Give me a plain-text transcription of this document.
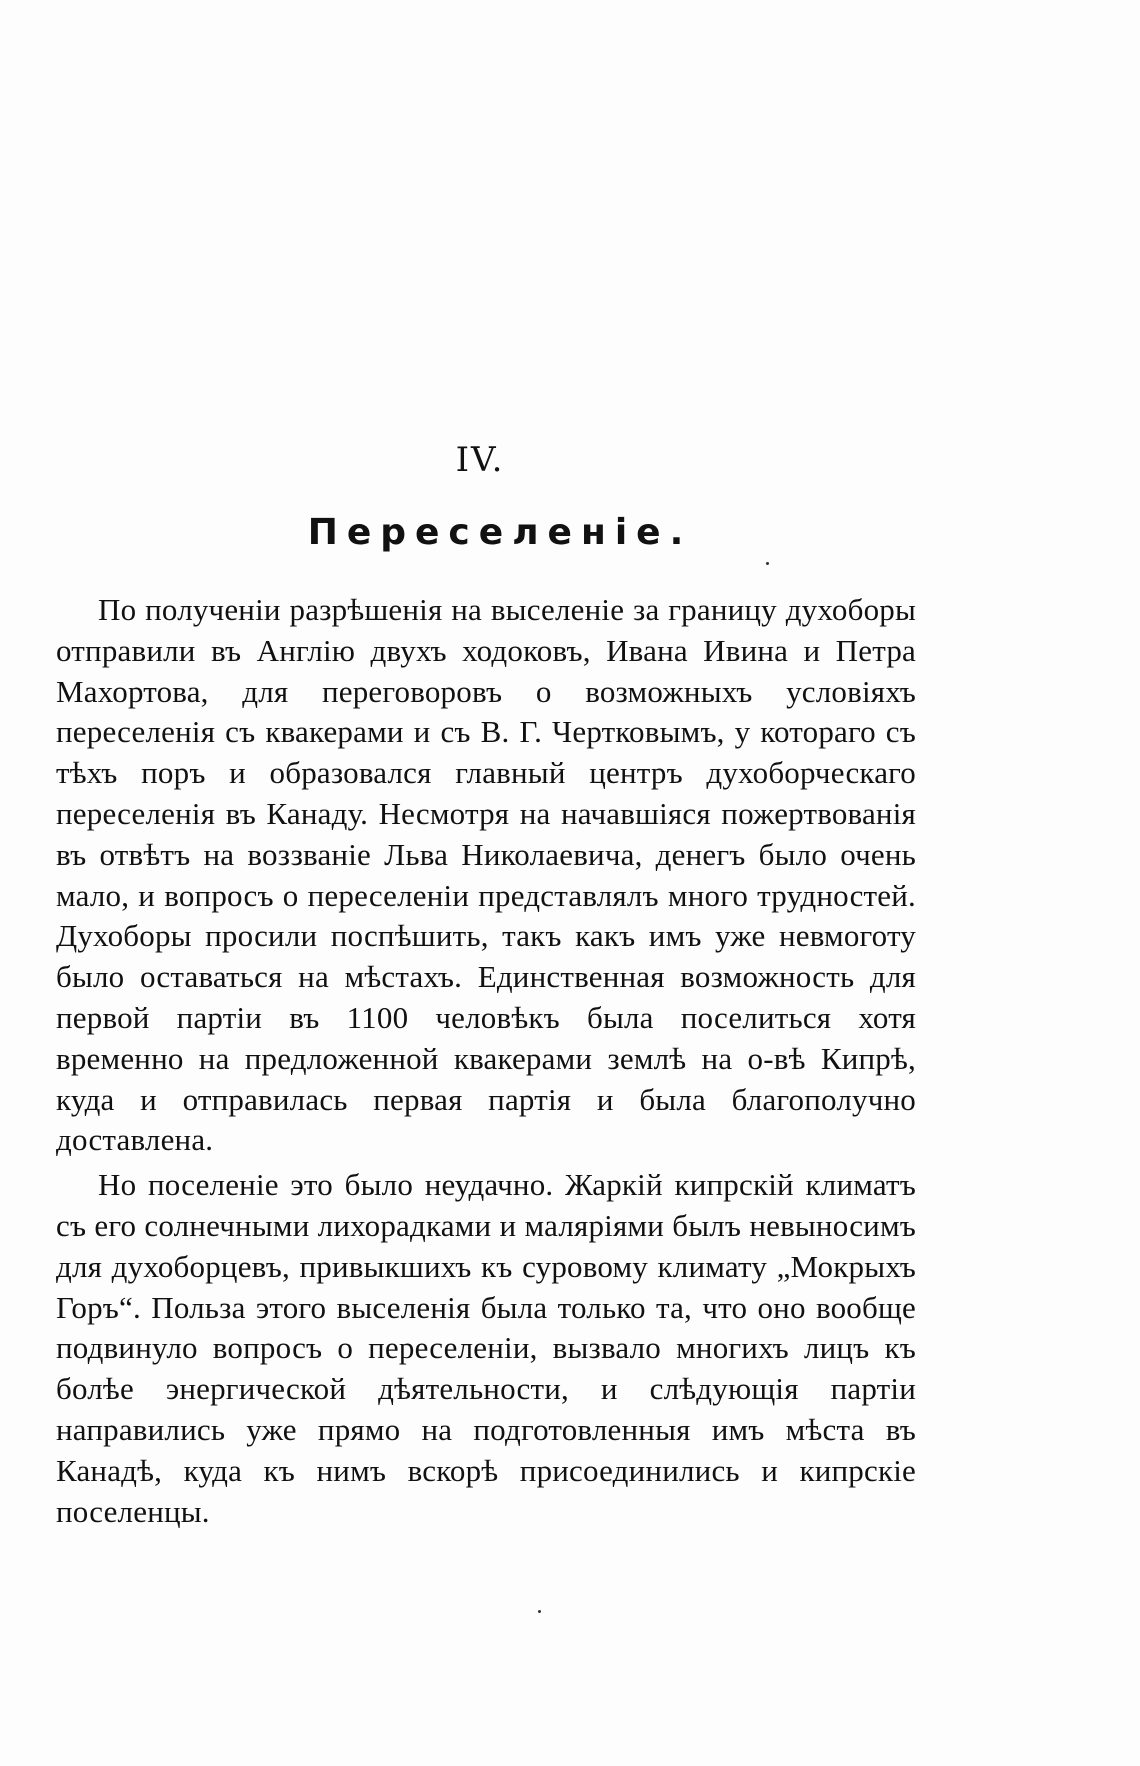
IV.
Переселеніе.

По полученіи разрѣшенія на выселеніе за границу духоборы отправили въ Англію двухъ ходоковъ, Ивана Ивина и Петра Махортова, для переговоровъ о возможныхъ условіяхъ переселенія съ квакерами и съ В. Г. Чертковымъ, у котораго съ тѣхъ поръ и образовался главный центръ духоборческаго переселенія въ Канаду. Несмотря на начавшіяся пожертвованія въ отвѣтъ на воззваніе Льва Николаевича, денегъ было очень мало, и вопросъ о переселеніи представлялъ много трудностей. Духоборы просили поспѣшить, такъ какъ имъ уже невмоготу было оставаться на мѣстахъ. Единственная возможность для первой партіи въ 1100 человѣкъ была поселиться хотя временно на предложенной квакерами землѣ на о-вѣ Кипрѣ, куда и отправилась первая партія и была благополучно доставлена.

Но поселеніе это было неудачно. Жаркій кипрскій климатъ съ его солнечными лихорадками и малярiями былъ невыносимъ для духоборцевъ, привыкшихъ къ суровому климату „Мокрыхъ Горъ“. Польза этого выселенія была только та, что оно вообще подвинуло вопросъ о переселеніи, вызвало многихъ лицъ къ болѣе энергической дѣятельности, и слѣдующія партіи направились уже прямо на подготовленныя имъ мѣста въ Канадѣ, куда къ нимъ вскорѣ присоединились и кипрскіе поселенцы.
